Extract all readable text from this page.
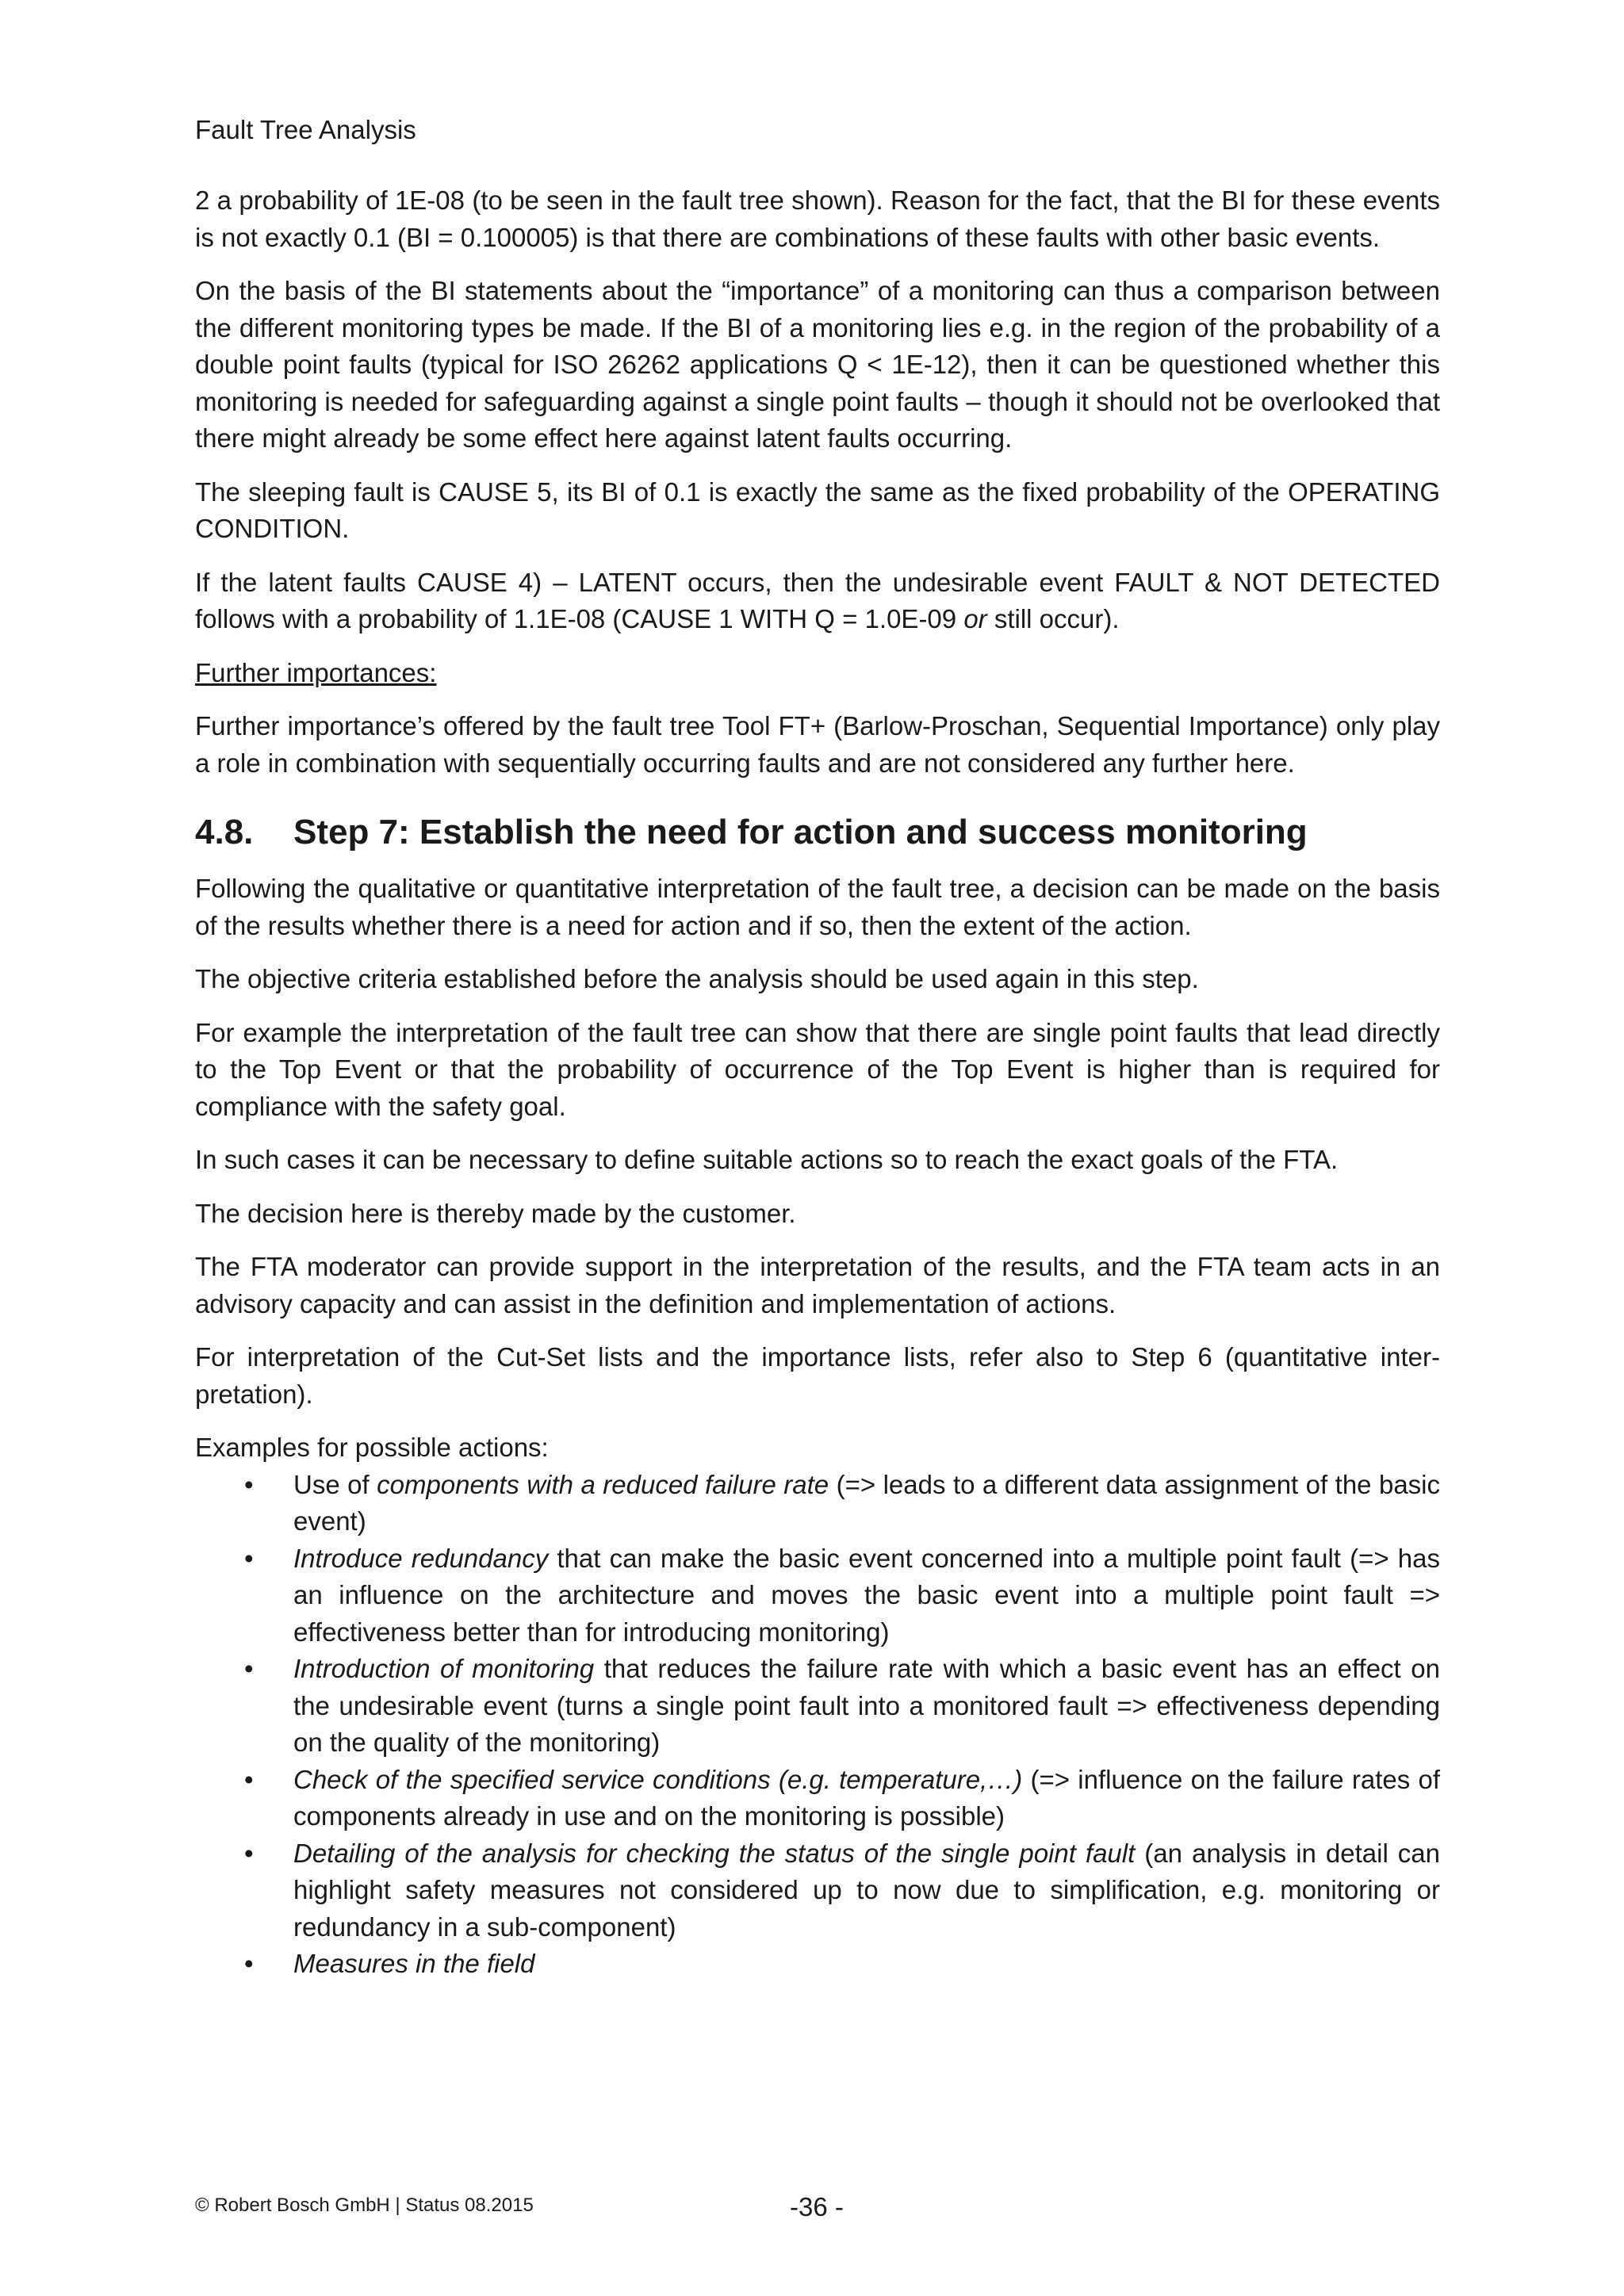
Fault Tree Analysis

2 a probability of 1E-08 (to be seen in the fault tree shown). Reason for the fact, that the BI for these events is not exactly 0.1 (BI = 0.100005) is that there are combinations of these faults with other basic events.

On the basis of the BI statements about the “importance” of a monitoring can thus a comparison between the different monitoring types be made. If the BI of a monitoring lies e.g. in the region of the probability of a double point faults (typical for ISO 26262 applications Q < 1E-12), then it can be questioned whether this monitoring is needed for safeguarding against a single point faults – though it should not be overlooked that there might already be some effect here against latent faults occurring.

The sleeping fault is CAUSE 5, its BI of 0.1 is exactly the same as the fixed probability of the OPERATING CONDITION.

If the latent faults CAUSE 4) – LATENT occurs, then the undesirable event FAULT & NOT DETECTED follows with a probability of 1.1E-08 (CAUSE 1 WITH Q = 1.0E-09 or still occur).

Further importances:

Further importance’s offered by the fault tree Tool FT+ (Barlow-Proschan, Sequential Importance) only play a role in combination with sequentially occurring faults and are not considered any further here.

4.8.	Step 7: Establish the need for action and success monitoring

Following the qualitative or quantitative interpretation of the fault tree, a decision can be made on the basis of the results whether there is a need for action and if so, then the extent of the action.

The objective criteria established before the analysis should be used again in this step.

For example the interpretation of the fault tree can show that there are single point faults that lead directly to the Top Event or that the probability of occurrence of the Top Event is higher than is required for compliance with the safety goal.

In such cases it can be necessary to define suitable actions so to reach the exact goals of the FTA.

The decision here is thereby made by the customer.

The FTA moderator can provide support in the interpretation of the results, and the FTA team acts in an advisory capacity and can assist in the definition and implementation of actions.

For interpretation of the Cut-Set lists and the importance lists, refer also to Step 6 (quantitative interpretation).

Examples for possible actions:

• Use of components with a reduced failure rate (=> leads to a different data assignment of the basic event)
• Introduce redundancy that can make the basic event concerned into a multiple point fault (=> has an influence on the architecture and moves the basic event into a multiple point fault => effectiveness better than for introducing monitoring)
• Introduction of monitoring that reduces the failure rate with which a basic event has an effect on the undesirable event (turns a single point fault into a monitored fault => effectiveness depending on the quality of the monitoring)
• Check of the specified service conditions (e.g. temperature,…) (=> influence on the failure rates of components already in use and on the monitoring is possible)
• Detailing of the analysis for checking the status of the single point fault (an analysis in detail can highlight safety measures not considered up to now due to simplification, e.g. monitoring or redundancy in a sub-component)
• Measures in the field
© Robert Bosch GmbH | Status 08.2015	-36 -
